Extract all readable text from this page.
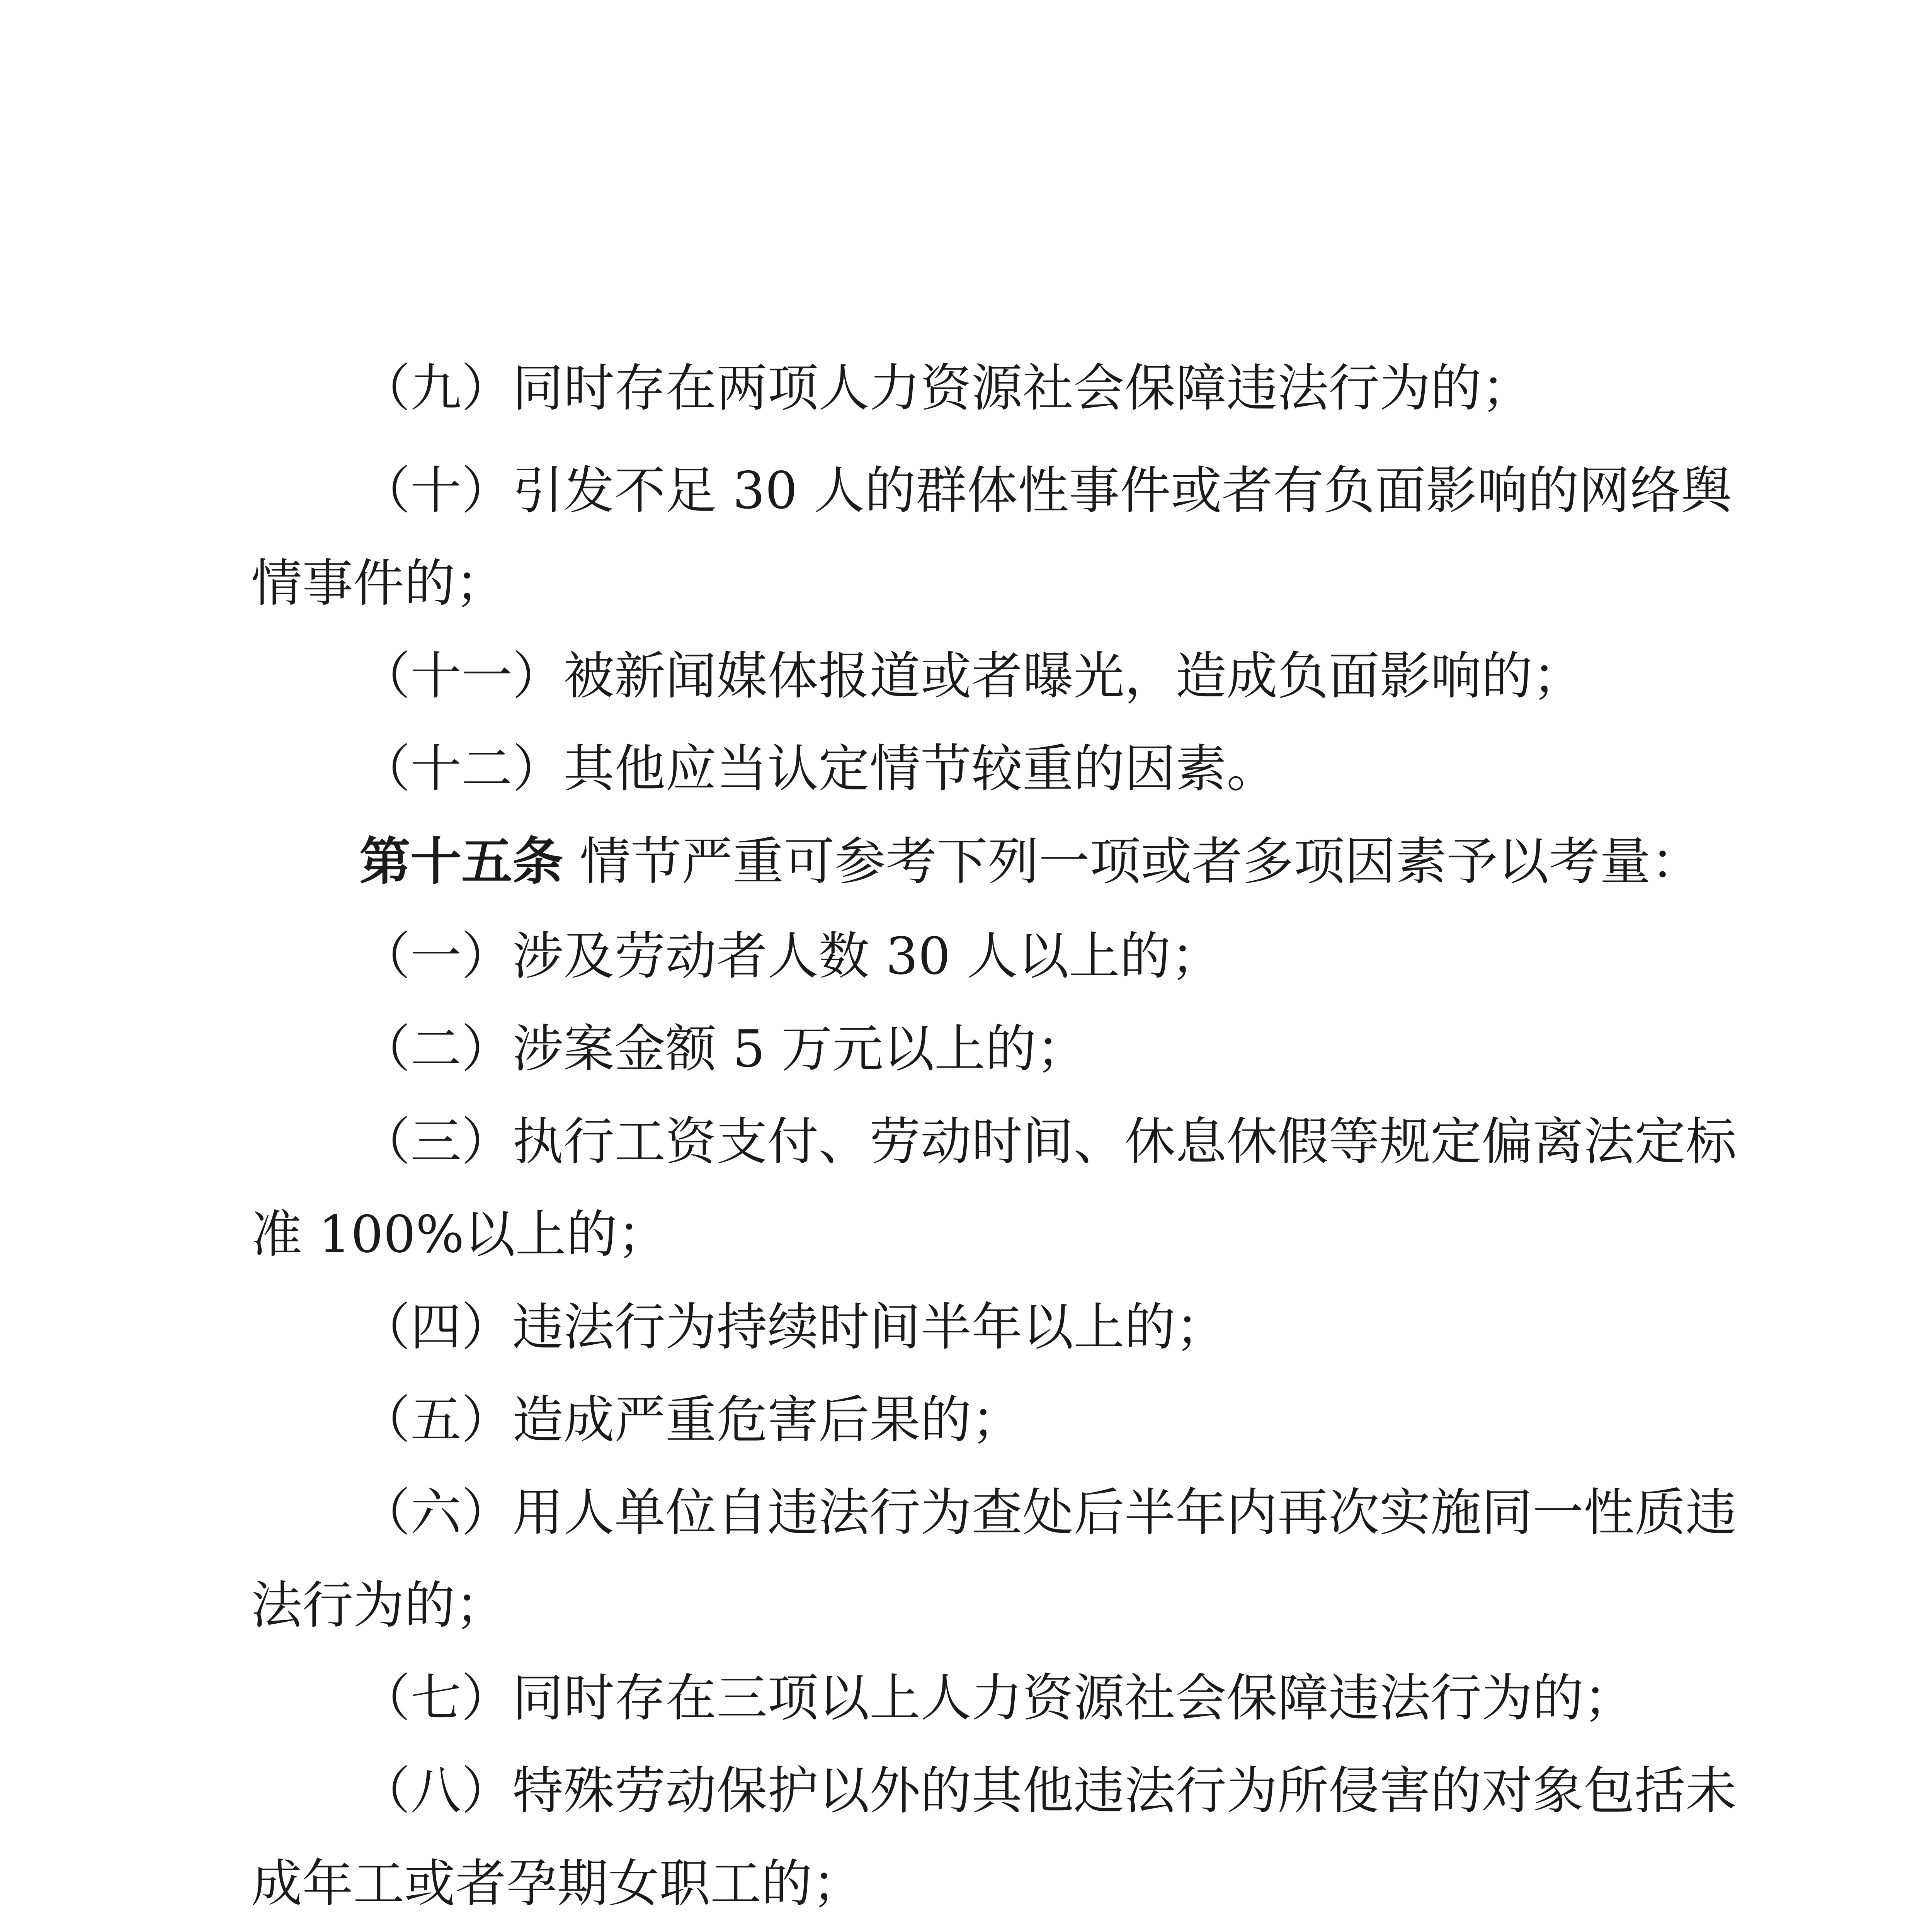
（九）同时存在两项人力资源社会保障违法行为的；

（十）引发不足 30 人的群体性事件或者有负面影响的网络舆

情事件的；

（十一）被新闻媒体报道或者曝光，造成负面影响的；

（十二）其他应当认定情节较重的因素。

第十五条 情节严重可参考下列一项或者多项因素予以考量：

（一）涉及劳动者人数 30 人以上的；

（二）涉案金额 5 万元以上的；

（三）执行工资支付、劳动时间、休息休假等规定偏离法定标

准 100%以上的；

（四）违法行为持续时间半年以上的；

（五）造成严重危害后果的；

（六）用人单位自违法行为查处后半年内再次实施同一性质违

法行为的；

（七）同时存在三项以上人力资源社会保障违法行为的；

（八）特殊劳动保护以外的其他违法行为所侵害的对象包括未

成年工或者孕期女职工的；
